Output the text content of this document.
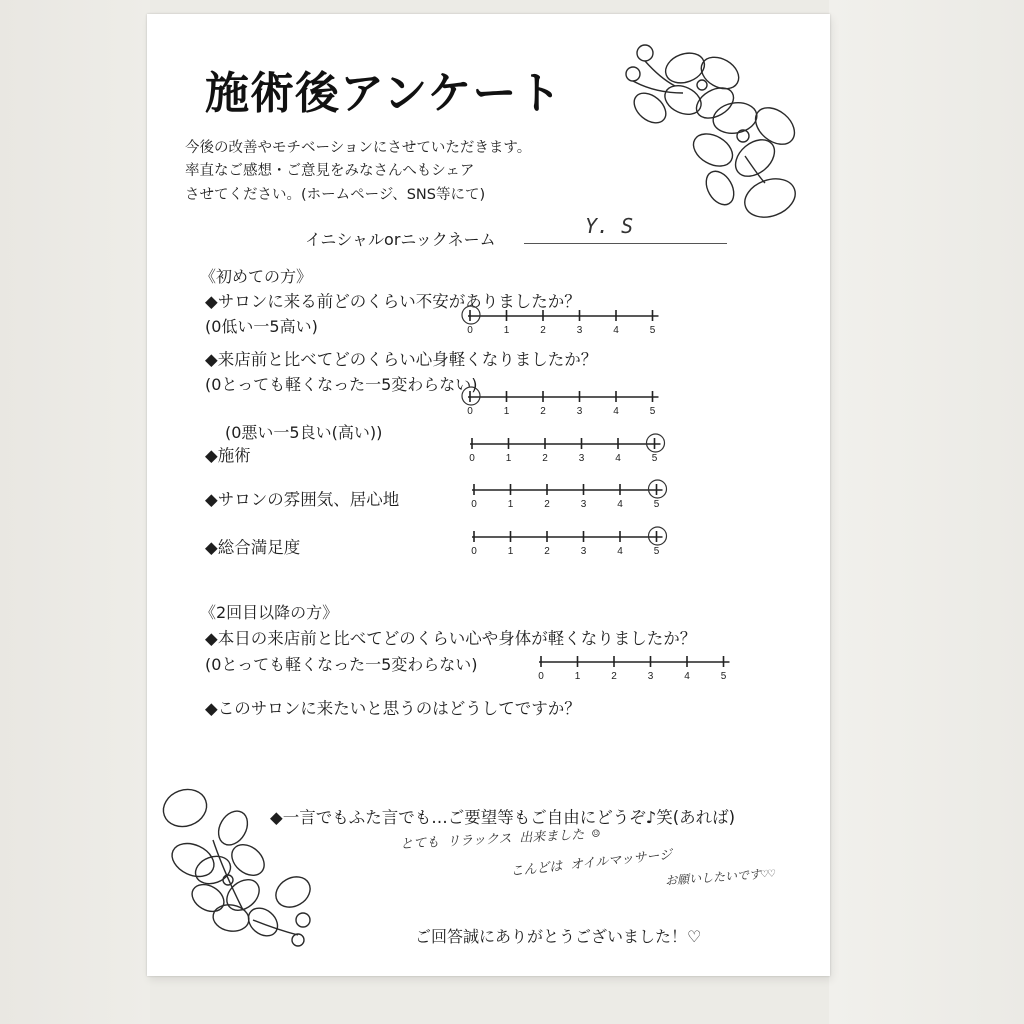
施術後アンケート
今後の改善やモチベーションにさせていただきます。
率直なご感想・ご意見をみなさんへもシェア
させてください。(ホームページ、SNS等にて)
イニシャルorニックネーム
Y. S
《初めての方》
◆サロンに来る前どのくらい不安がありましたか？
(0低い一5高い)	0	1	2	3	4	5
◆来店前と比べてどのくらい心身軽くなりましたか？
(0とっても軽くなった一5変わらない)
0	1	2	3	4	5
(0悪い一5良い(高い))
◆施術	0	1	2	3	4	5
◆サロンの雰囲気、居心地	0	1	2	3	4	5
◆総合満足度	0	1	2	3	4	5
《2回目以降の方》
◆本日の来店前と比べてどのくらい心や身体が軽くなりましたか？
(0とっても軽くなった一5変わらない)
0	1	2	3	4	5
◆このサロンに来たいと思うのはどうしてですか？
◆一言でもふた言でも…ご要望等もご自由にどうぞ♪笑(あれば)
とても リラックス 出来ました ☺
こんどは オイルマッサージ
お願いしたいです♡♡
ご回答誠にありがとうございました！♡
